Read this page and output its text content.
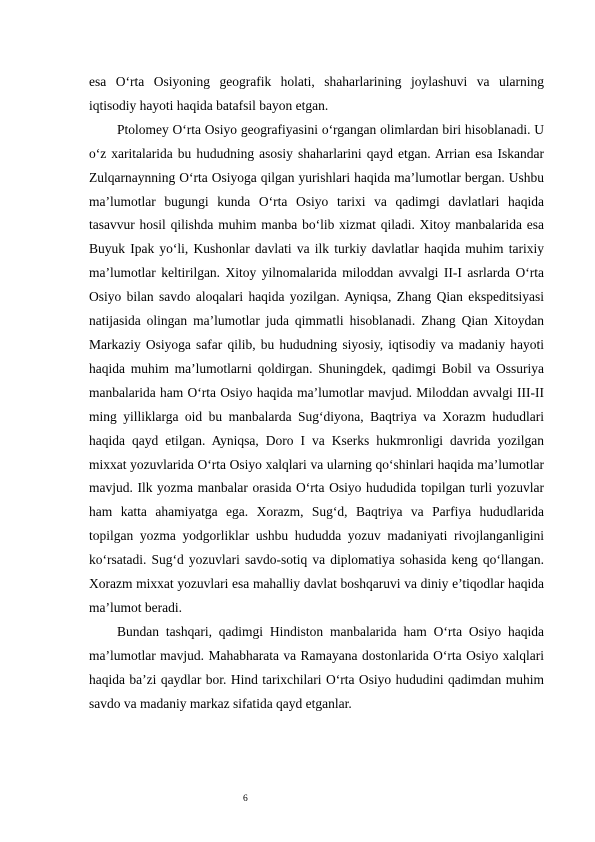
esa O‘rta Osiyoning geografik holati, shaharlarining joylashuvi va ularning iqtisodiy hayoti haqida batafsil bayon etgan.

Ptolomey O‘rta Osiyo geografiyasini o‘rgangan olimlardan biri hisoblanadi. U o‘z xaritalarida bu hududning asosiy shaharlarini qayd etgan. Arrian esa Iskandar Zulqarnaynning O‘rta Osiyoga qilgan yurishlari haqida ma’lumotlar bergan. Ushbu ma’lumotlar bugungi kunda O‘rta Osiyo tarixi va qadimgi davlatlari haqida tasavvur hosil qilishda muhim manba bo‘lib xizmat qiladi. Xitoy manbalarida esa Buyuk Ipak yo‘li, Kushonlar davlati va ilk turkiy davlatlar haqida muhim tarixiy ma’lumotlar keltirilgan. Xitoy yilnomalarida miloddan avvalgi II-I asrlarda O‘rta Osiyo bilan savdo aloqalari haqida yozilgan. Ayniqsa, Zhang Qian ekspeditsiyasi natijasida olingan ma’lumotlar juda qimmatli hisoblanadi. Zhang Qian Xitoydan Markaziy Osiyoga safar qilib, bu hududning siyosiy, iqtisodiy va madaniy hayoti haqida muhim ma’lumotlarni qoldirgan. Shuningdek, qadimgi Bobil va Ossuriya manbalarida ham O‘rta Osiyo haqida ma’lumotlar mavjud. Miloddan avvalgi III-II ming yilliklarga oid bu manbalarda Sug‘diyona, Baqtriya va Xorazm hududlari haqida qayd etilgan. Ayniqsa, Doro I va Kserks hukmronligi davrida yozilgan mixxat yozuvlarida O‘rta Osiyo xalqlari va ularning qo‘shinlari haqida ma’lumotlar mavjud. Ilk yozma manbalar orasida O‘rta Osiyo hududida topilgan turli yozuvlar ham katta ahamiyatga ega. Xorazm, Sug‘d, Baqtriya va Parfiya hududlarida topilgan yozma yodgorliklar ushbu hududda yozuv madaniyati rivojlanganligini ko‘rsatadi. Sug‘d yozuvlari savdo-sotiq va diplomatiya sohasida keng qo‘llangan. Xorazm mixxat yozuvlari esa mahalliy davlat boshqaruvi va diniy e’tiqodlar haqida ma’lumot beradi.

Bundan tashqari, qadimgi Hindiston manbalarida ham O‘rta Osiyo haqida ma’lumotlar mavjud. Mahabharata va Ramayana dostonlarida O‘rta Osiyo xalqlari haqida ba’zi qaydlar bor. Hind tarixchilari O‘rta Osiyo hududini qadimdan muhim savdo va madaniy markaz sifatida qayd etganlar.

6
